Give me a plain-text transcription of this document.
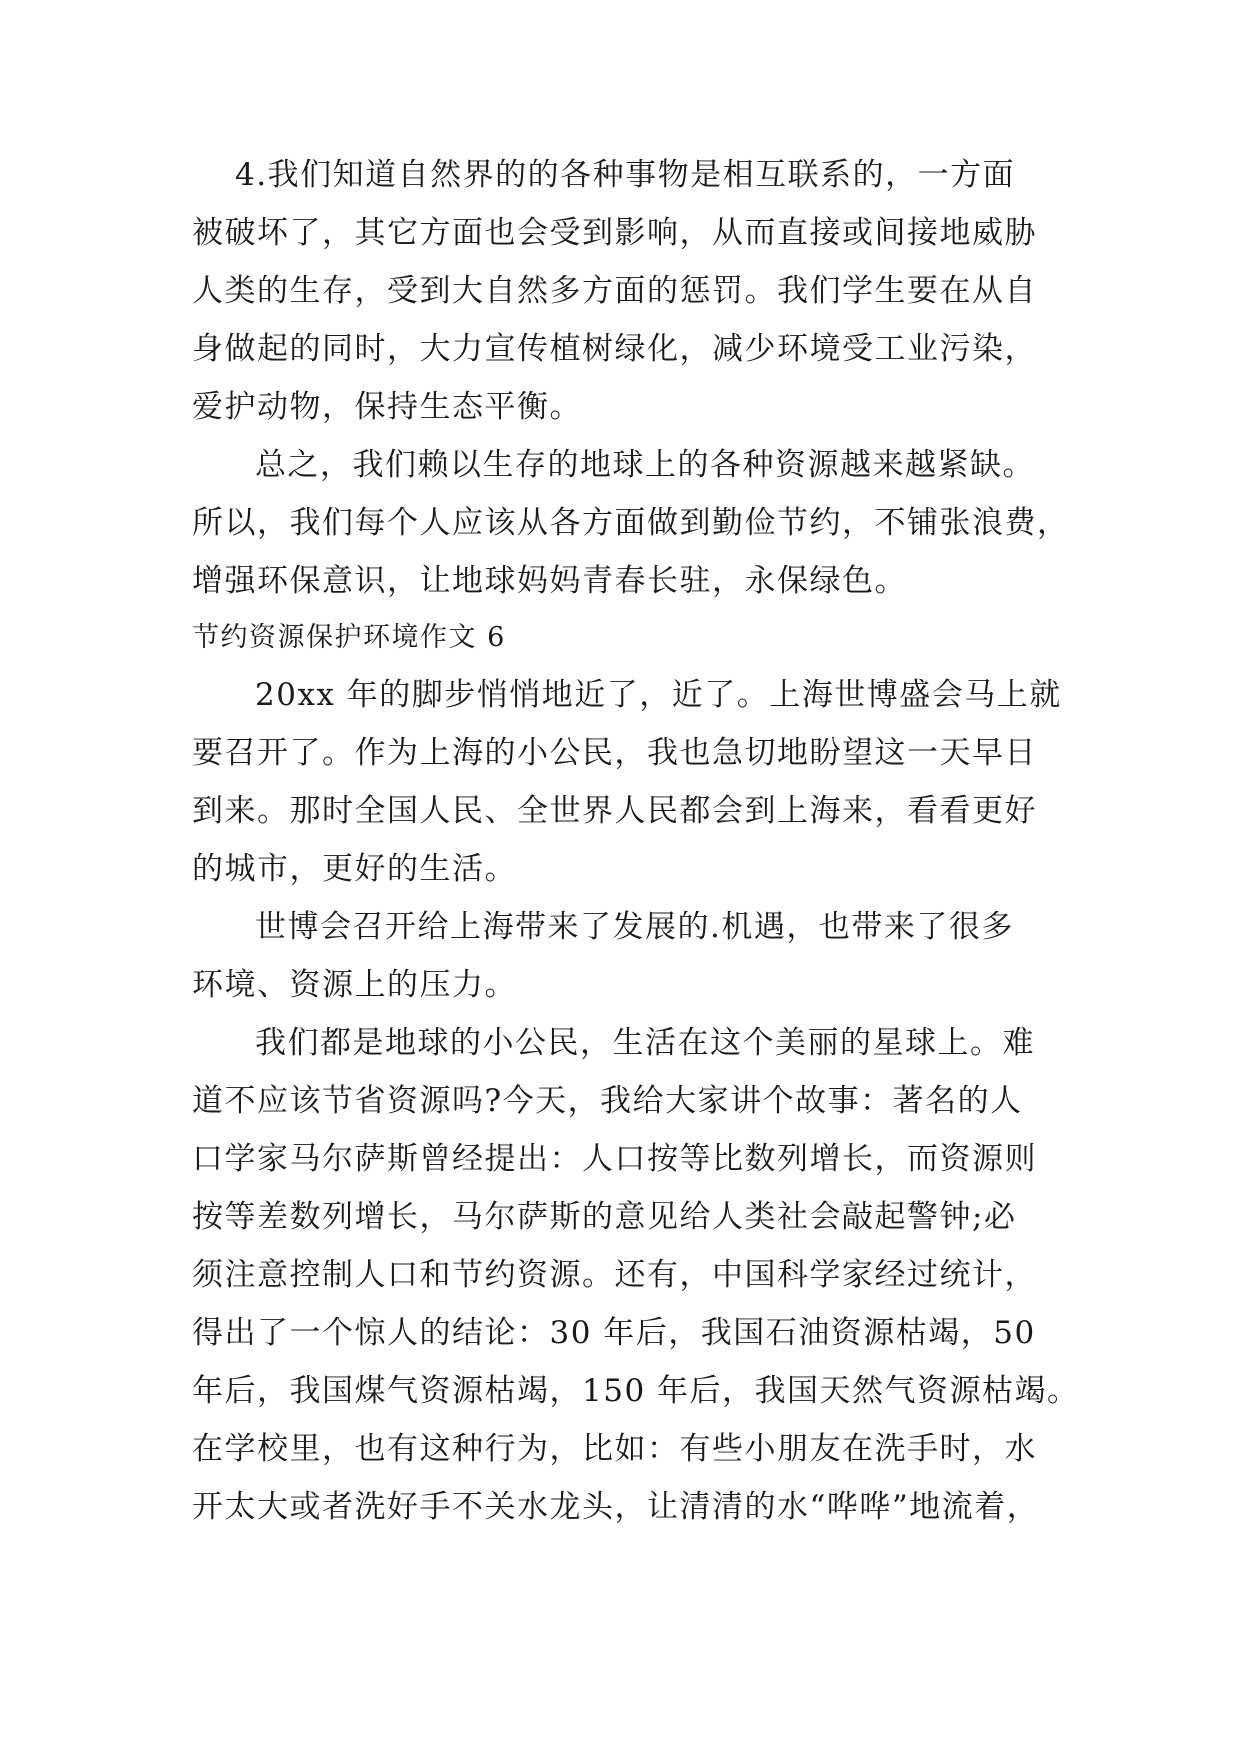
4.我们知道自然界的的各种事物是相互联系的，一方面
被破坏了，其它方面也会受到影响，从而直接或间接地威胁
人类的生存，受到大自然多方面的惩罚。我们学生要在从自
身做起的同时，大力宣传植树绿化，减少环境受工业污染，
爱护动物，保持生态平衡。
总之，我们赖以生存的地球上的各种资源越来越紧缺。
所以，我们每个人应该从各方面做到勤俭节约，不铺张浪费，
增强环保意识，让地球妈妈青春长驻，永保绿色。
节约资源保护环境作文 6
20xx 年的脚步悄悄地近了，近了。上海世博盛会马上就
要召开了。作为上海的小公民，我也急切地盼望这一天早日
到来。那时全国人民、全世界人民都会到上海来，看看更好
的城市，更好的生活。
世博会召开给上海带来了发展的.机遇，也带来了很多
环境、资源上的压力。
我们都是地球的小公民，生活在这个美丽的星球上。难
道不应该节省资源吗?今天，我给大家讲个故事：著名的人
口学家马尔萨斯曾经提出：人口按等比数列增长，而资源则
按等差数列增长，马尔萨斯的意见给人类社会敲起警钟;必
须注意控制人口和节约资源。还有，中国科学家经过统计，
得出了一个惊人的结论：30 年后，我国石油资源枯竭，50
年后，我国煤气资源枯竭，150 年后，我国天然气资源枯竭。
在学校里，也有这种行为，比如：有些小朋友在洗手时，水
开太大或者洗好手不关水龙头，让清清的水“哗哗”地流着，
